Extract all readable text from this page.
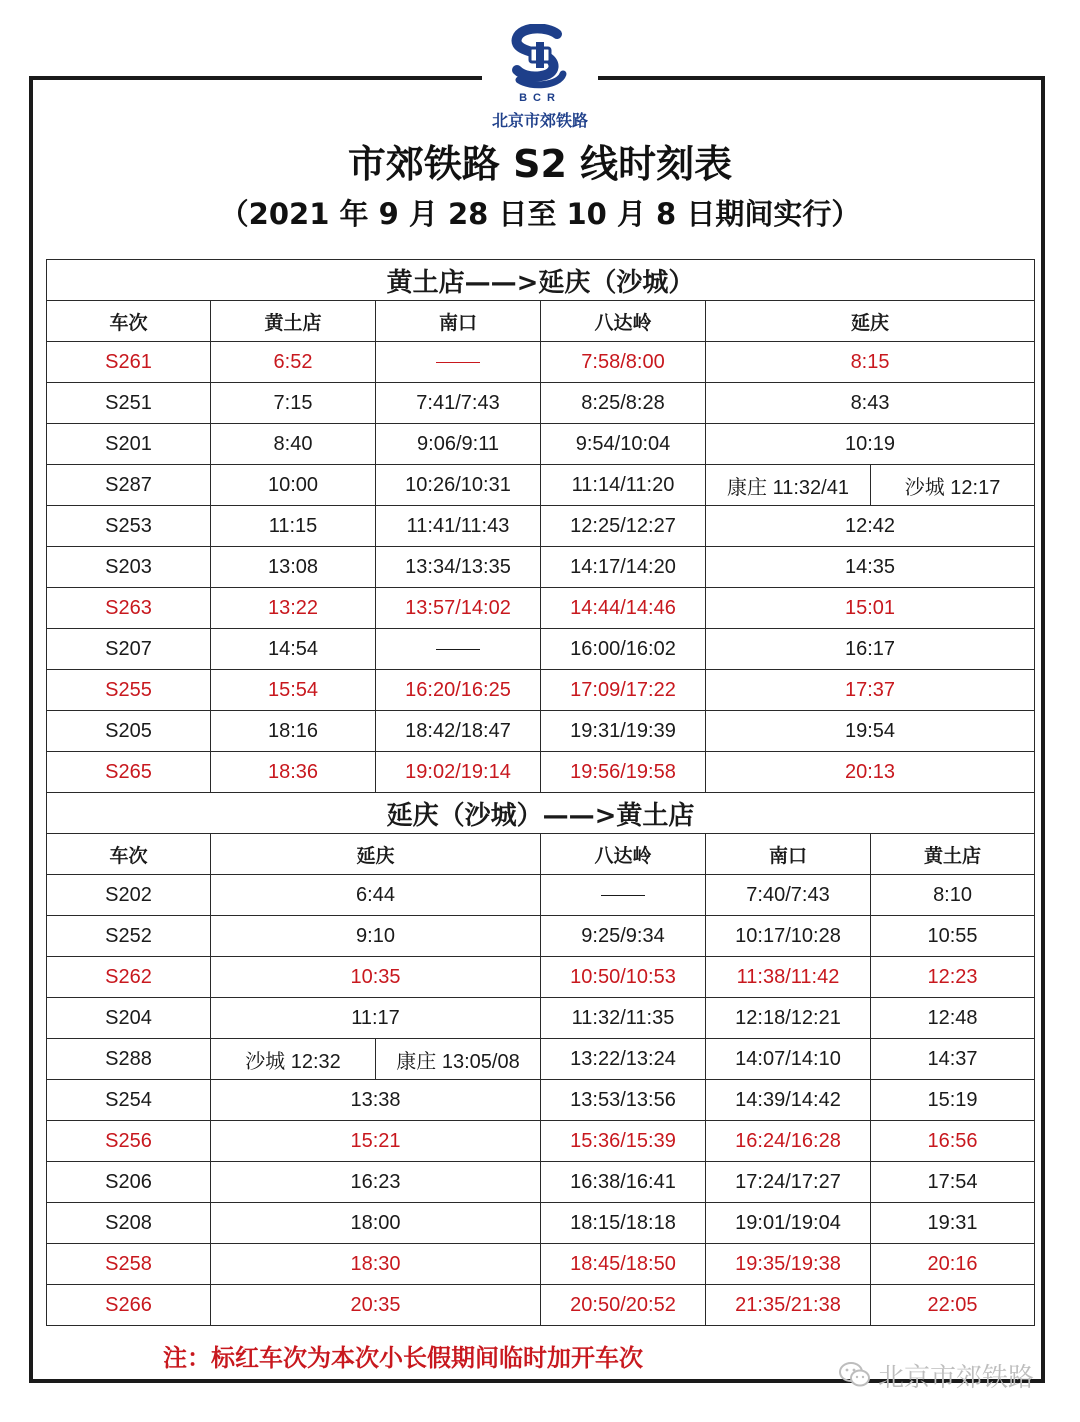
BCR
北京市郊铁路
市郊铁路 S2 线时刻表
（2021 年 9 月 28 日至 10 月 8 日期间实行）
黄土店——>延庆（沙城）					
车次	黄土店	南口	八达岭	延庆	
S261	6:52		7:58/8:00	8:15	
S251	7:15	7:41/7:43	8:25/8:28	8:43	
S201	8:40	9:06/9:11	9:54/10:04	10:19	
S287	10:00	10:26/10:31	11:14/11:20	康庄 11:32/41	沙城 12:17
S253	11:15	11:41/11:43	12:25/12:27	12:42	
S203	13:08	13:34/13:35	14:17/14:20	14:35	
S263	13:22	13:57/14:02	14:44/14:46	15:01	
S207	14:54		16:00/16:02	16:17	
S255	15:54	16:20/16:25	17:09/17:22	17:37	
S205	18:16	18:42/18:47	19:31/19:39	19:54	
S265	18:36	19:02/19:14	19:56/19:58	20:13	
延庆（沙城）——>黄土店					
车次	延庆		八达岭	南口	黄土店
S202	6:44			7:40/7:43	8:10
S252	9:10		9:25/9:34	10:17/10:28	10:55
S262	10:35		10:50/10:53	11:38/11:42	12:23
S204	11:17		11:32/11:35	12:18/12:21	12:48
S288	沙城 12:32	康庄 13:05/08	13:22/13:24	14:07/14:10	14:37
S254	13:38		13:53/13:56	14:39/14:42	15:19
S256	15:21		15:36/15:39	16:24/16:28	16:56
S206	16:23		16:38/16:41	17:24/17:27	17:54
S208	18:00		18:15/18:18	19:01/19:04	19:31
S258	18:30		18:45/18:50	19:35/19:38	20:16
S266	20:35		20:50/20:52	21:35/21:38	22:05
注：标红车次为本次小长假期间临时加开车次
北京市郊铁路
